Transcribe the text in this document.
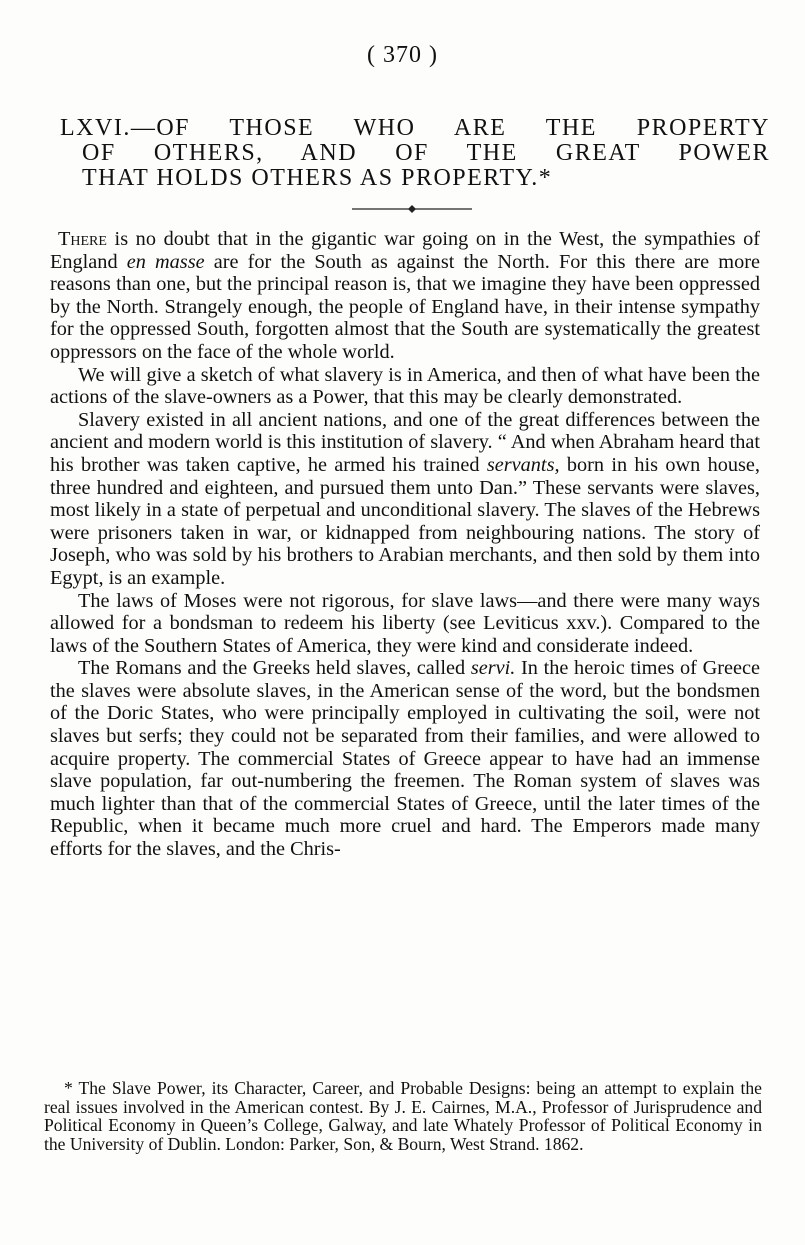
( 370 )
LXVI.—OF THOSE WHO ARE THE PROPERTY
OF OTHERS, AND OF THE GREAT POWER
THAT HOLDS OTHERS AS PROPERTY.*

There is no doubt that in the gigantic war going on in the West, the sympathies of England en masse are for the South as against the North. For this there are more reasons than one, but the principal reason is, that we imagine they have been oppressed by the North. Strangely enough, the people of England have, in their intense sympathy for the oppressed South, forgotten almost that the South are systematically the greatest oppressors on the face of the whole world.

We will give a sketch of what slavery is in America, and then of what have been the actions of the slave-owners as a Power, that this may be clearly demonstrated.

Slavery existed in all ancient nations, and one of the great differences between the ancient and modern world is this institution of slavery. “ And when Abraham heard that his brother was taken captive, he armed his trained servants, born in his own house, three hundred and eighteen, and pursued them unto Dan.” These servants were slaves, most likely in a state of perpetual and unconditional slavery. The slaves of the Hebrews were prisoners taken in war, or kidnapped from neighbouring nations. The story of Joseph, who was sold by his brothers to Arabian merchants, and then sold by them into Egypt, is an example.

The laws of Moses were not rigorous, for slave laws—and there were many ways allowed for a bondsman to redeem his liberty (see Leviticus xxv.). Compared to the laws of the Southern States of America, they were kind and considerate indeed.

The Romans and the Greeks held slaves, called servi. In the heroic times of Greece the slaves were absolute slaves, in the American sense of the word, but the bondsmen of the Doric States, who were principally employed in cultivating the soil, were not slaves but serfs; they could not be separated from their families, and were allowed to acquire property. The commercial States of Greece appear to have had an immense slave population, far out-numbering the freemen. The Roman system of slaves was much lighter than that of the commercial States of Greece, until the later times of the Republic, when it became much more cruel and hard. The Emperors made many efforts for the slaves, and the Chris-

* The Slave Power, its Character, Career, and Probable Designs: being an attempt to explain the real issues involved in the American contest. By J. E. Cairnes, M.A., Professor of Jurisprudence and Political Economy in Queen’s College, Galway, and late Whately Professor of Political Economy in the University of Dublin. London: Parker, Son, & Bourn, West Strand. 1862.
